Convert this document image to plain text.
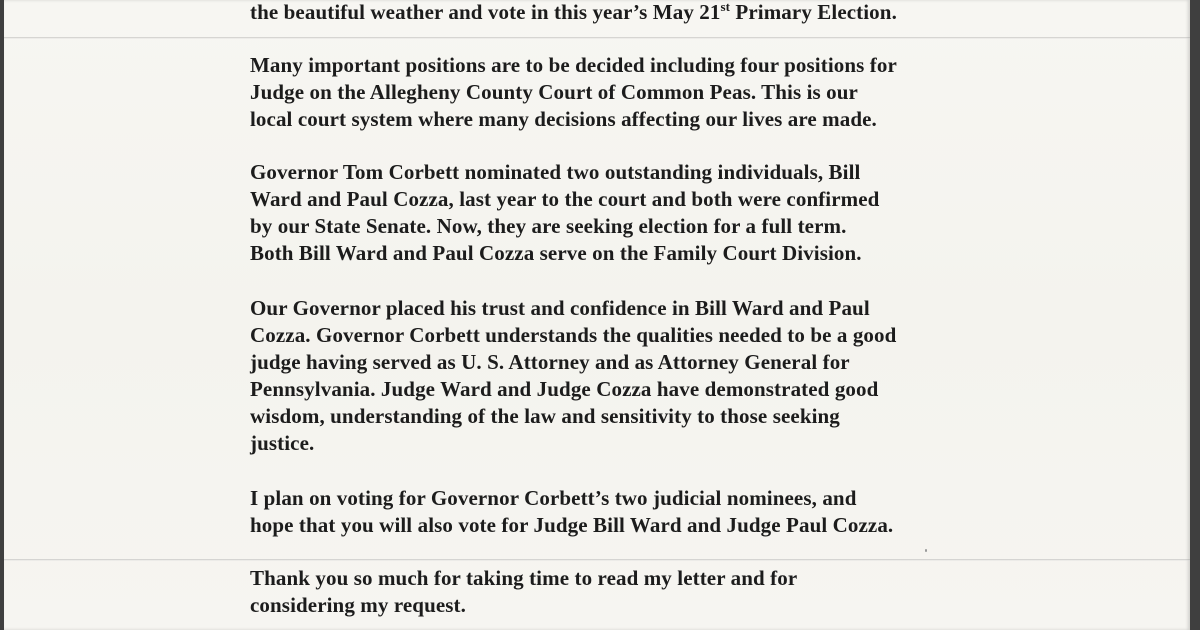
the beautiful weather and vote in this year’s May 21st Primary Election.

Many important positions are to be decided including four positions for
Judge on the Allegheny County Court of Common Peas. This is our
local court system where many decisions affecting our lives are made.

Governor Tom Corbett nominated two outstanding individuals, Bill
Ward and Paul Cozza, last year to the court and both were confirmed
by our State Senate. Now, they are seeking election for a full term.
Both Bill Ward and Paul Cozza serve on the Family Court Division.

Our Governor placed his trust and confidence in Bill Ward and Paul
Cozza. Governor Corbett understands the qualities needed to be a good
judge having served as U. S. Attorney and as Attorney General for
Pennsylvania. Judge Ward and Judge Cozza have demonstrated good
wisdom, understanding of the law and sensitivity to those seeking
justice.

I plan on voting for Governor Corbett’s two judicial nominees, and
hope that you will also vote for Judge Bill Ward and Judge Paul Cozza.

Thank you so much for taking time to read my letter and for
considering my request.
